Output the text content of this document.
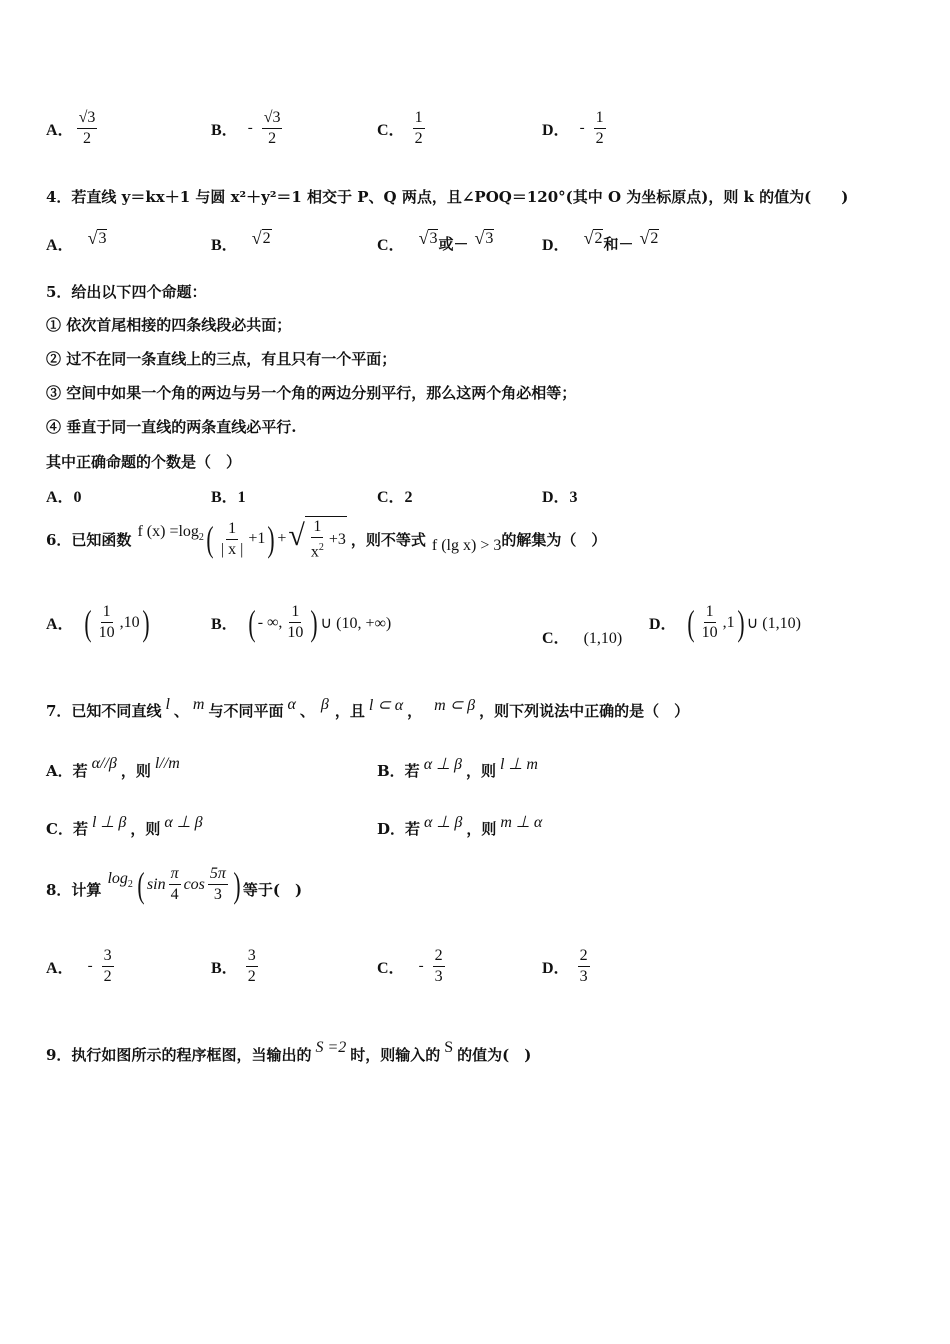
A． $\frac{√3}{2}$	B． - $\frac{√3}{2}$	C． $\frac{1}{2}$	D． - $\frac{1}{2}$
4．若直线 y＝kx＋1 与圆 x²＋y²＝1 相交于 P、Q 两点，且∠POQ＝120°(其中 O 为坐标原点)，则 k 的值为(　　)
A． √ 3	B． √ 2	C． √ 3 或－ √ 3	D． √ 2 和－ √ 2
5．给出以下四个命题：
① 依次首尾相接的四条线段必共面；
② 过不在同一条直线上的三点，有且只有一个平面；
③ 空间中如果一个角的两边与另一个角的两边分别平行，那么这两个角必相等；
④ 垂直于同一直线的两条直线必平行.
其中正确命题的个数是（　）
A．0	B．1	C．2	D．3
6．已知函数 f $(x) =\log_2$ ( $\frac{1}{| x |} +1$ ) + √ $\frac{1}{x^2} +3$ ，则不等式 f (lg x) > 3 的解集为（　）
A． ( $\frac{1}{10} ,10$ )	B． ( - ∞, $\frac{1}{10}$ ) ∪ (10, +∞)
C． (1,10)
D． ( $\frac{1}{10} ,1$ ) ∪ (1,10)
7．已知不同直线 l 、 m 与不同平面 α 、 β ，且 l ⊂ α ， m ⊂ β ，则下列说法中正确的是（　）
A．若 α//β ，则 l//m	B．若 α ⊥ β ，则 l ⊥ m
C．若 l ⊥ β ，则 α ⊥ β	D．若 α ⊥ β ，则 m ⊥ α
8．计算
$\log_2$ ( $\sin \frac{\pi}{4}$ $\cos \frac{5\pi}{3}$ ) 等于(　)
A． - $\frac{3}{2}$	B． $\frac{3}{2}$	C． - $\frac{2}{3}$	D． $\frac{2}{3}$
9．执行如图所示的程序框图，当输出的 S =2 时，则输入的 S 的值为(　)
